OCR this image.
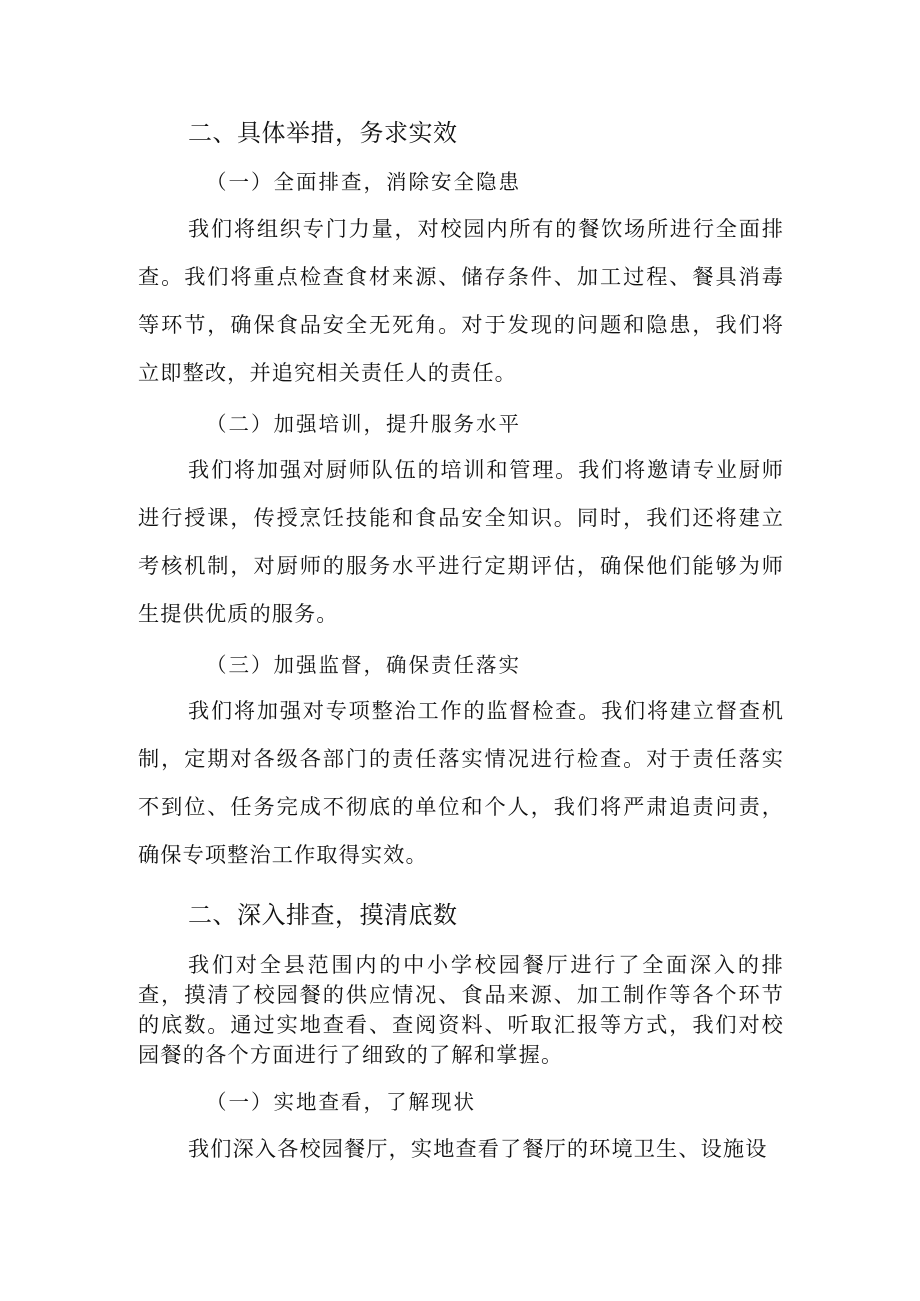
二、具体举措，务求实效

（一）全面排查，消除安全隐患

我们将组织专门力量，对校园内所有的餐饮场所进行全面排查。我们将重点检查食材来源、储存条件、加工过程、餐具消毒等环节，确保食品安全无死角。对于发现的问题和隐患，我们将立即整改，并追究相关责任人的责任。

（二）加强培训，提升服务水平

我们将加强对厨师队伍的培训和管理。我们将邀请专业厨师进行授课，传授烹饪技能和食品安全知识。同时，我们还将建立考核机制，对厨师的服务水平进行定期评估，确保他们能够为师生提供优质的服务。

（三）加强监督，确保责任落实

我们将加强对专项整治工作的监督检查。我们将建立督查机制，定期对各级各部门的责任落实情况进行检查。对于责任落实不到位、任务完成不彻底的单位和个人，我们将严肃追责问责，确保专项整治工作取得实效。

二、深入排查，摸清底数

我们对全县范围内的中小学校园餐厅进行了全面深入的排查，摸清了校园餐的供应情况、食品来源、加工制作等各个环节的底数。通过实地查看、查阅资料、听取汇报等方式，我们对校园餐的各个方面进行了细致的了解和掌握。

（一）实地查看，了解现状

我们深入各校园餐厅，实地查看了餐厅的环境卫生、设施设
